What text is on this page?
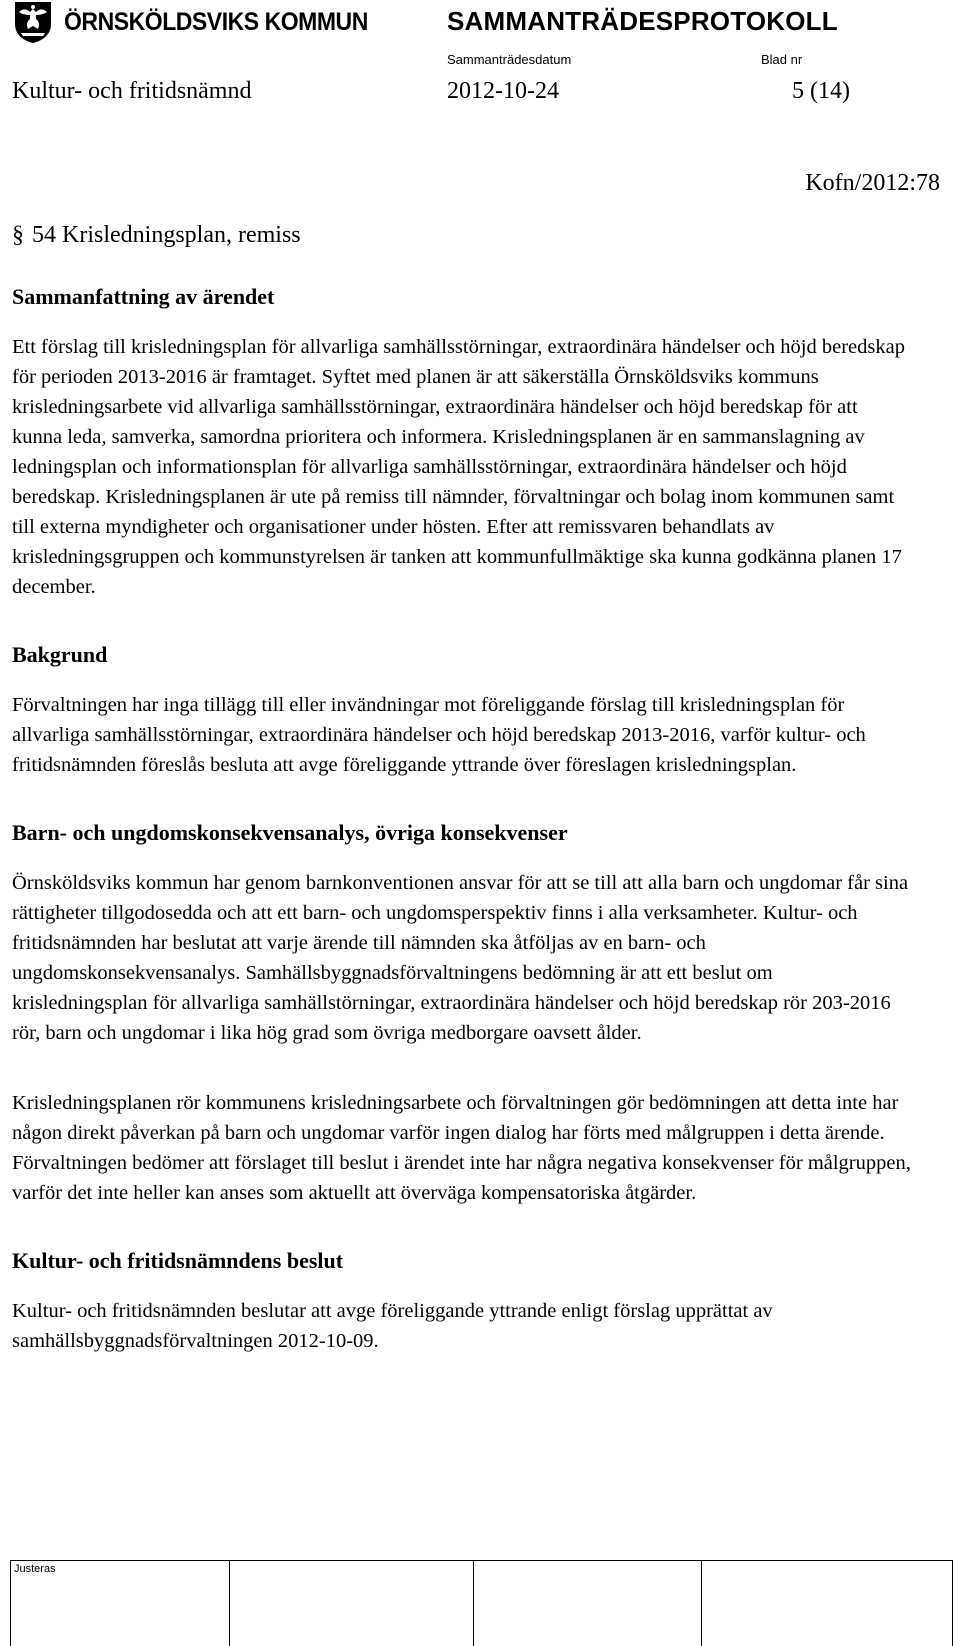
ÖRNSKÖLDSVIKS KOMMUN	SAMMANTRÄDESPROTOKOLL
Sammanträdesdatum	Blad nr
Kultur- och fritidsnämnd	2012-10-24	5 (14)
Kofn/2012:78
§ 54 Krisledningsplan, remiss
Sammanfattning av ärendet

Ett förslag till krisledningsplan för allvarliga samhällsstörningar, extraordinära händelser och höjd beredskap för perioden 2013-2016 är framtaget. Syftet med planen är att säkerställa Örnsköldsviks kommuns krisledningsarbete vid allvarliga samhällsstörningar, extraordinära händelser och höjd beredskap för att kunna leda, samverka, samordna prioritera och informera. Krisledningsplanen är en sammanslagning av ledningsplan och informationsplan för allvarliga samhällsstörningar, extraordinära händelser och höjd beredskap. Krisledningsplanen är ute på remiss till nämnder, förvaltningar och bolag inom kommunen samt till externa myndigheter och organisationer under hösten. Efter att remissvaren behandlats av krisledningsgruppen och kommunstyrelsen är tanken att kommunfullmäktige ska kunna godkänna planen 17 december.

Bakgrund

Förvaltningen har inga tillägg till eller invändningar mot föreliggande förslag till krisledningsplan för allvarliga samhällsstörningar, extraordinära händelser och höjd beredskap 2013-2016, varför kultur- och fritidsnämnden föreslås besluta att avge föreliggande yttrande över föreslagen krisledningsplan.

Barn- och ungdomskonsekvensanalys, övriga konsekvenser

Örnsköldsviks kommun har genom barnkonventionen ansvar för att se till att alla barn och ungdomar får sina rättigheter tillgodosedda och att ett barn- och ungdomsperspektiv finns i alla verksamheter. Kultur- och fritidsnämnden har beslutat att varje ärende till nämnden ska åtföljas av en barn- och ungdomskonsekvensanalys. Samhällsbyggnadsförvaltningens bedömning är att ett beslut om krisledningsplan för allvarliga samhällstörningar, extraordinära händelser och höjd beredskap rör 203-2016 rör, barn och ungdomar i lika hög grad som övriga medborgare oavsett ålder.

Krisledningsplanen rör kommunens krisledningsarbete och förvaltningen gör bedömningen att detta inte har någon direkt påverkan på barn och ungdomar varför ingen dialog har förts med målgruppen i detta ärende. Förvaltningen bedömer att förslaget till beslut i ärendet inte har några negativa konsekvenser för målgruppen, varför det inte heller kan anses som aktuellt att överväga kompensatoriska åtgärder.

Kultur- och fritidsnämndens beslut

Kultur- och fritidsnämnden beslutar att avge föreliggande yttrande enligt förslag upprättat av samhällsbyggnadsförvaltningen 2012-10-09.

Justeras
